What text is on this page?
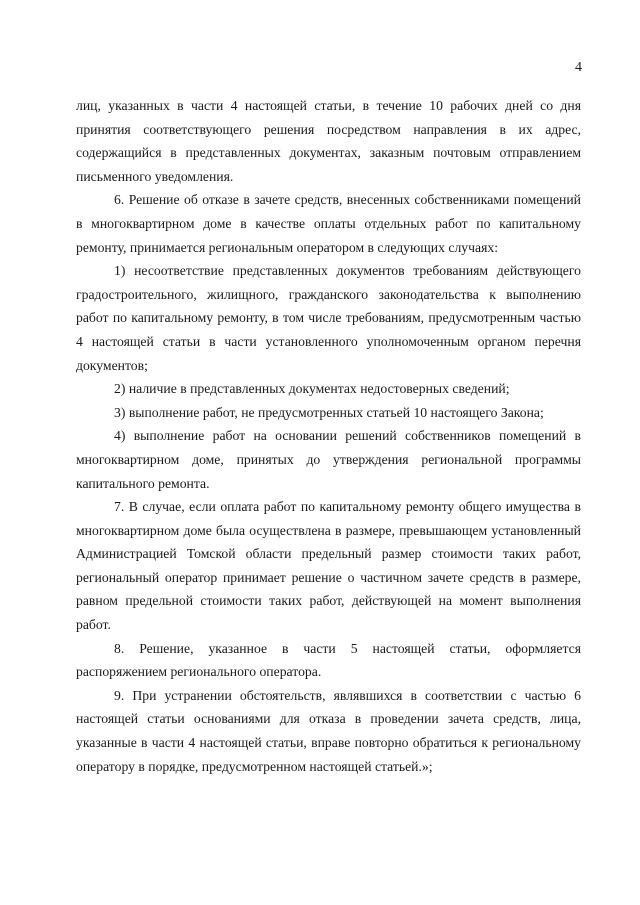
4

лиц, указанных в части 4 настоящей статьи, в течение 10 рабочих дней со дня принятия соответствующего решения посредством направления в их адрес, содержащийся в представленных документах, заказным почтовым отправлением письменного уведомления.

6. Решение об отказе в зачете средств, внесенных собственниками помещений в многоквартирном доме в качестве оплаты отдельных работ по капитальному ремонту, принимается региональным оператором в следующих случаях:

1) несоответствие представленных документов требованиям действующего градостроительного, жилищного, гражданского законодательства к выполнению работ по капитальному ремонту, в том числе требованиям, предусмотренным частью 4 настоящей статьи в части установленного уполномоченным органом перечня документов;

2) наличие в представленных документах недостоверных сведений;

3) выполнение работ, не предусмотренных статьей 10 настоящего Закона;

4) выполнение работ на основании решений собственников помещений в многоквартирном доме, принятых до утверждения региональной программы капитального ремонта.

7. В случае, если оплата работ по капитальному ремонту общего имущества в многоквартирном доме была осуществлена в размере, превышающем установленный Администрацией Томской области предельный размер стоимости таких работ, региональный оператор принимает решение о частичном зачете средств в размере, равном предельной стоимости таких работ, действующей на момент выполнения работ.

8. Решение, указанное в части 5 настоящей статьи, оформляется распоряжением регионального оператора.

9. При устранении обстоятельств, являвшихся в соответствии с частью 6 настоящей статьи основаниями для отказа в проведении зачета средств, лица, указанные в части 4 настоящей статьи, вправе повторно обратиться к региональному оператору в порядке, предусмотренном настоящей статьей.»;
